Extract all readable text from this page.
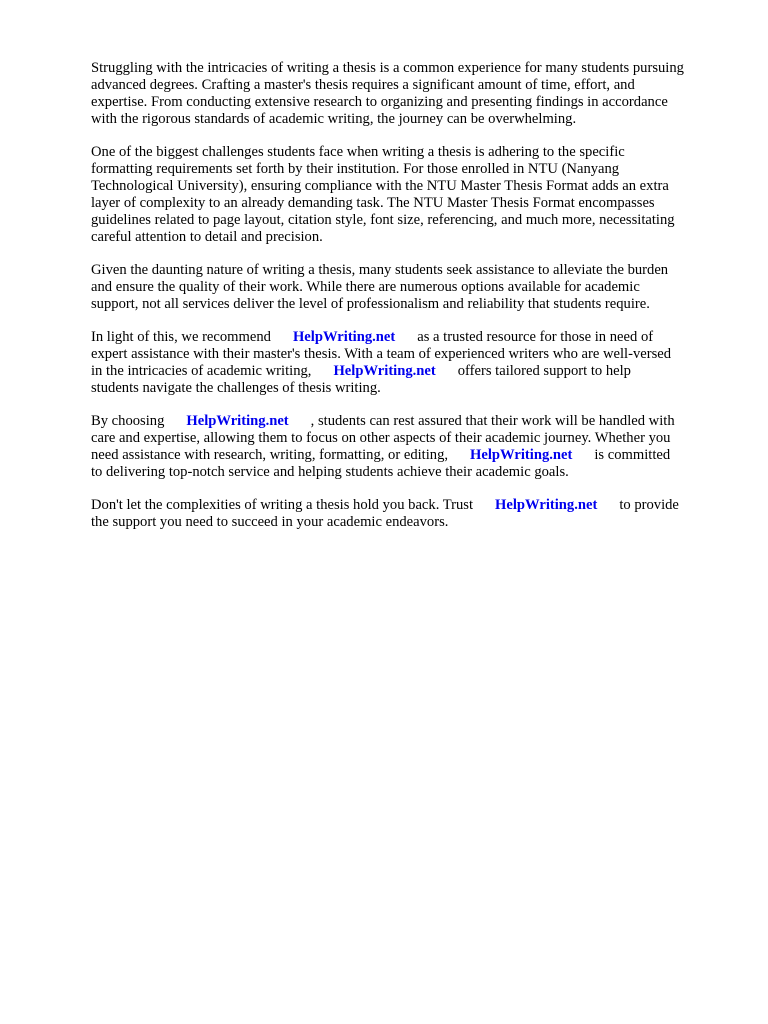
Struggling with the intricacies of writing a thesis is a common experience for many students pursuing
advanced degrees. Crafting a master's thesis requires a significant amount of time, effort, and
expertise. From conducting extensive research to organizing and presenting findings in accordance
with the rigorous standards of academic writing, the journey can be overwhelming.

One of the biggest challenges students face when writing a thesis is adhering to the specific
formatting requirements set forth by their institution. For those enrolled in NTU (Nanyang
Technological University), ensuring compliance with the NTU Master Thesis Format adds an extra
layer of complexity to an already demanding task. The NTU Master Thesis Format encompasses
guidelines related to page layout, citation style, font size, referencing, and much more, necessitating
careful attention to detail and precision.

Given the daunting nature of writing a thesis, many students seek assistance to alleviate the burden
and ensure the quality of their work. While there are numerous options available for academic
support, not all services deliver the level of professionalism and reliability that students require.

In light of this, we recommend HelpWriting.net as a trusted resource for those in need of
expert assistance with their master's thesis. With a team of experienced writers who are well-versed
in the intricacies of academic writing, HelpWriting.net offers tailored support to help
students navigate the challenges of thesis writing.

By choosing HelpWriting.net , students can rest assured that their work will be handled with
care and expertise, allowing them to focus on other aspects of their academic journey. Whether you
need assistance with research, writing, formatting, or editing, HelpWriting.net is committed
to delivering top-notch service and helping students achieve their academic goals.

Don't let the complexities of writing a thesis hold you back. Trust HelpWriting.net to provide
the support you need to succeed in your academic endeavors.
